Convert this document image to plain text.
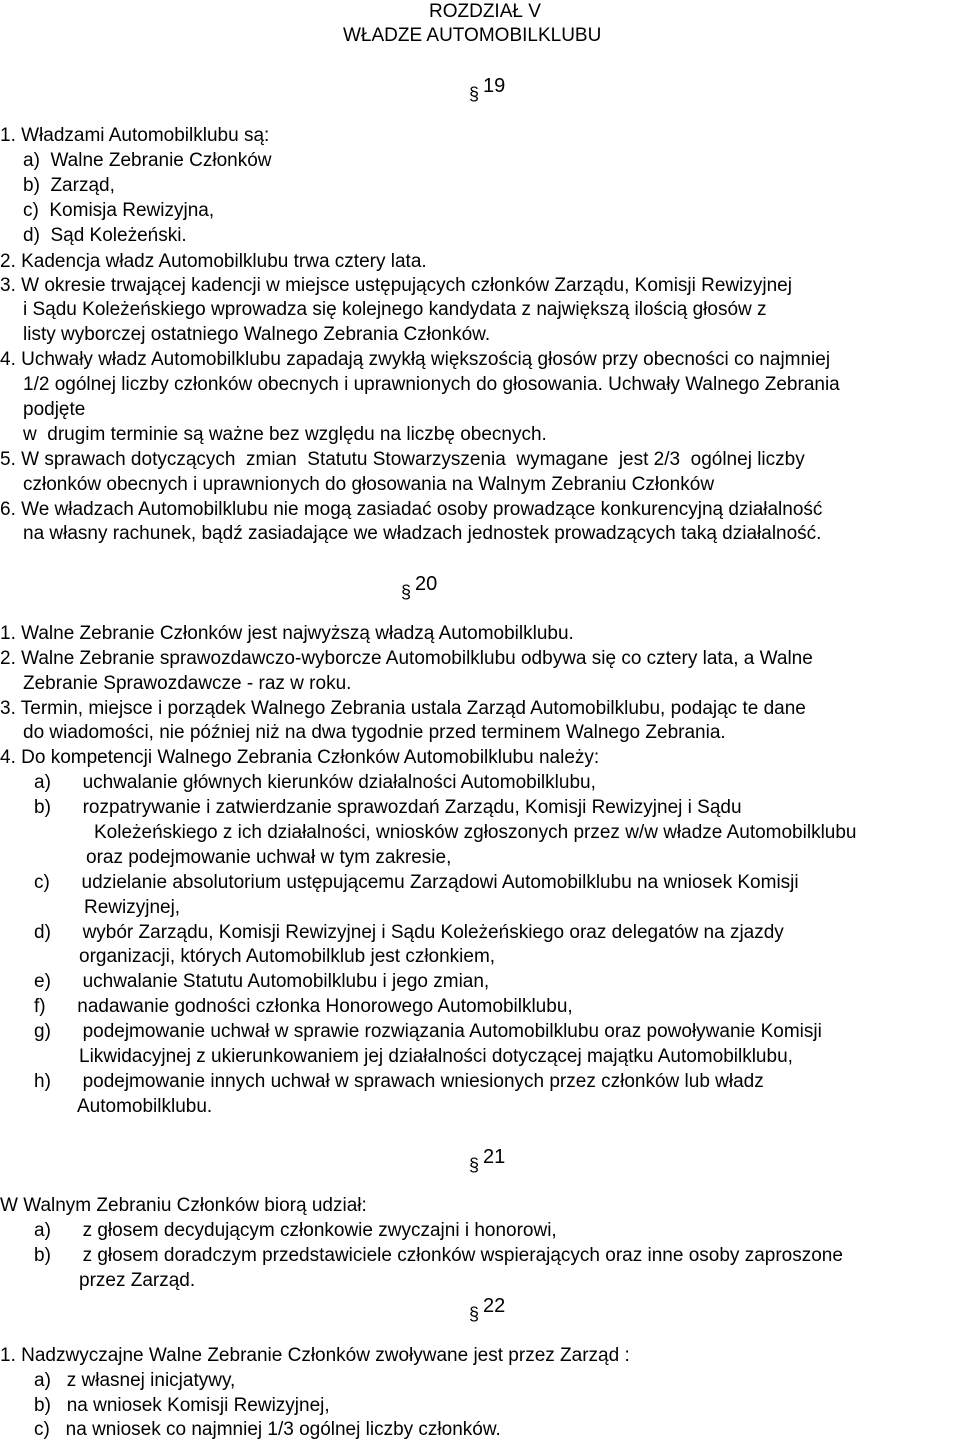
ROZDZIAŁ V
WŁADZE AUTOMOBILKLUBU
§ 19
1. Władzami Automobilklubu są:
a)  Walne Zebranie Członków
b)  Zarząd,
c)  Komisja Rewizyjna,
d)  Sąd Koleżeński.
2. Kadencja władz Automobilklubu trwa cztery lata.
3. W okresie trwającej kadencji w miejsce ustępujących członków Zarządu, Komisji Rewizyjnej
i Sądu Koleżeńskiego wprowadza się kolejnego kandydata z największą ilością głosów z
listy wyborczej ostatniego Walnego Zebrania Członków.
4. Uchwały władz Automobilklubu zapadają zwykłą większością głosów przy obecności co najmniej
1/2 ogólnej liczby członków obecnych i uprawnionych do głosowania. Uchwały Walnego Zebrania
podjęte
w  drugim terminie są ważne bez względu na liczbę obecnych.
5. W sprawach dotyczących  zmian  Statutu Stowarzyszenia  wymagane  jest 2/3  ogólnej liczby
członków obecnych i uprawnionych do głosowania na Walnym Zebraniu Członków
6. We władzach Automobilklubu nie mogą zasiadać osoby prowadzące konkurencyjną działalność
na własny rachunek, bądź zasiadające we władzach jednostek prowadzących taką działalność.
§ 20
1. Walne Zebranie Członków jest najwyższą władzą Automobilklubu.
2. Walne Zebranie sprawozdawczo-wyborcze Automobilklubu odbywa się co cztery lata, a Walne
Zebranie Sprawozdawcze - raz w roku.
3. Termin, miejsce i porządek Walnego Zebrania ustala Zarząd Automobilklubu, podając te dane
do wiadomości, nie później niż na dwa tygodnie przed terminem Walnego Zebrania.
4. Do kompetencji Walnego Zebrania Członków Automobilklubu należy:
a)      uchwalanie głównych kierunków działalności Automobilklubu,
b)      rozpatrywanie i zatwierdzanie sprawozdań Zarządu, Komisji Rewizyjnej i Sądu
Koleżeńskiego z ich działalności, wniosków zgłoszonych przez w/w władze Automobilklubu
oraz podejmowanie uchwał w tym zakresie,
c)      udzielanie absolutorium ustępującemu Zarządowi Automobilklubu na wniosek Komisji
Rewizyjnej,
d)      wybór Zarządu, Komisji Rewizyjnej i Sądu Koleżeńskiego oraz delegatów na zjazdy
organizacji, których Automobilklub jest członkiem,
e)      uchwalanie Statutu Automobilklubu i jego zmian,
f)      nadawanie godności członka Honorowego Automobilklubu,
g)      podejmowanie uchwał w sprawie rozwiązania Automobilklubu oraz powoływanie Komisji
Likwidacyjnej z ukierunkowaniem jej działalności dotyczącej majątku Automobilklubu,
h)      podejmowanie innych uchwał w sprawach wniesionych przez członków lub władz
Automobilklubu.
§ 21
W Walnym Zebraniu Członków biorą udział:
a)      z głosem decydującym członkowie zwyczajni i honorowi,
b)      z głosem doradczym przedstawiciele członków wspierających oraz inne osoby zaproszone
przez Zarząd.
§ 22
1. Nadzwyczajne Walne Zebranie Członków zwoływane jest przez Zarząd :
a)   z własnej inicjatywy,
b)   na wniosek Komisji Rewizyjnej,
c)   na wniosek co najmniej 1/3 ogólnej liczby członków.
